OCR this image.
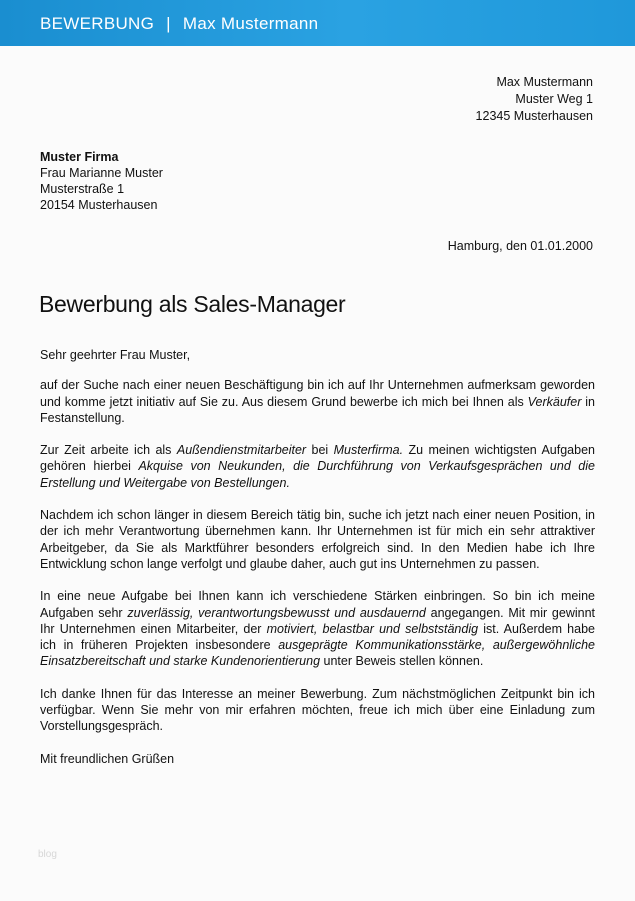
BEWERBUNG | Max Mustermann
Max Mustermann
Muster Weg 1
12345 Musterhausen
Muster Firma
Frau Marianne Muster
Musterstraße 1
20154 Musterhausen
Hamburg, den 01.01.2000
Bewerbung als Sales-Manager

Sehr geehrter Frau Muster,

auf der Suche nach einer neuen Beschäftigung bin ich auf Ihr Unternehmen aufmerksam geworden und komme jetzt initiativ auf Sie zu. Aus diesem Grund bewerbe ich mich bei Ihnen als Verkäufer in Festanstellung.

Zur Zeit arbeite ich als Außendienstmitarbeiter bei Musterfirma. Zu meinen wichtigsten Aufgaben gehören hierbei Akquise von Neukunden, die Durchführung von Verkaufsgesprächen und die Erstellung und Weitergabe von Bestellungen.

Nachdem ich schon länger in diesem Bereich tätig bin, suche ich jetzt nach einer neuen Position, in der ich mehr Verantwortung übernehmen kann. Ihr Unternehmen ist für mich ein sehr attraktiver Arbeitgeber, da Sie als Marktführer besonders erfolgreich sind. In den Medien habe ich Ihre Entwicklung schon lange verfolgt und glaube daher, auch gut ins Unternehmen zu passen.

In eine neue Aufgabe bei Ihnen kann ich verschiedene Stärken einbringen. So bin ich meine Aufgaben sehr zuverlässig, verantwortungsbewusst und ausdauernd angegangen. Mit mir gewinnt Ihr Unternehmen einen Mitarbeiter, der motiviert, belastbar und selbstständig ist. Außerdem habe ich in früheren Projekten insbesondere ausgeprägte Kommunikationsstärke, außergewöhnliche Einsatzbereitschaft und starke Kundenorientierung unter Beweis stellen können.

Ich danke Ihnen für das Interesse an meiner Bewerbung. Zum nächstmöglichen Zeitpunkt bin ich verfügbar. Wenn Sie mehr von mir erfahren möchten, freue ich mich über eine Einladung zum Vorstellungsgespräch.

Mit freundlichen Grüßen

blog
